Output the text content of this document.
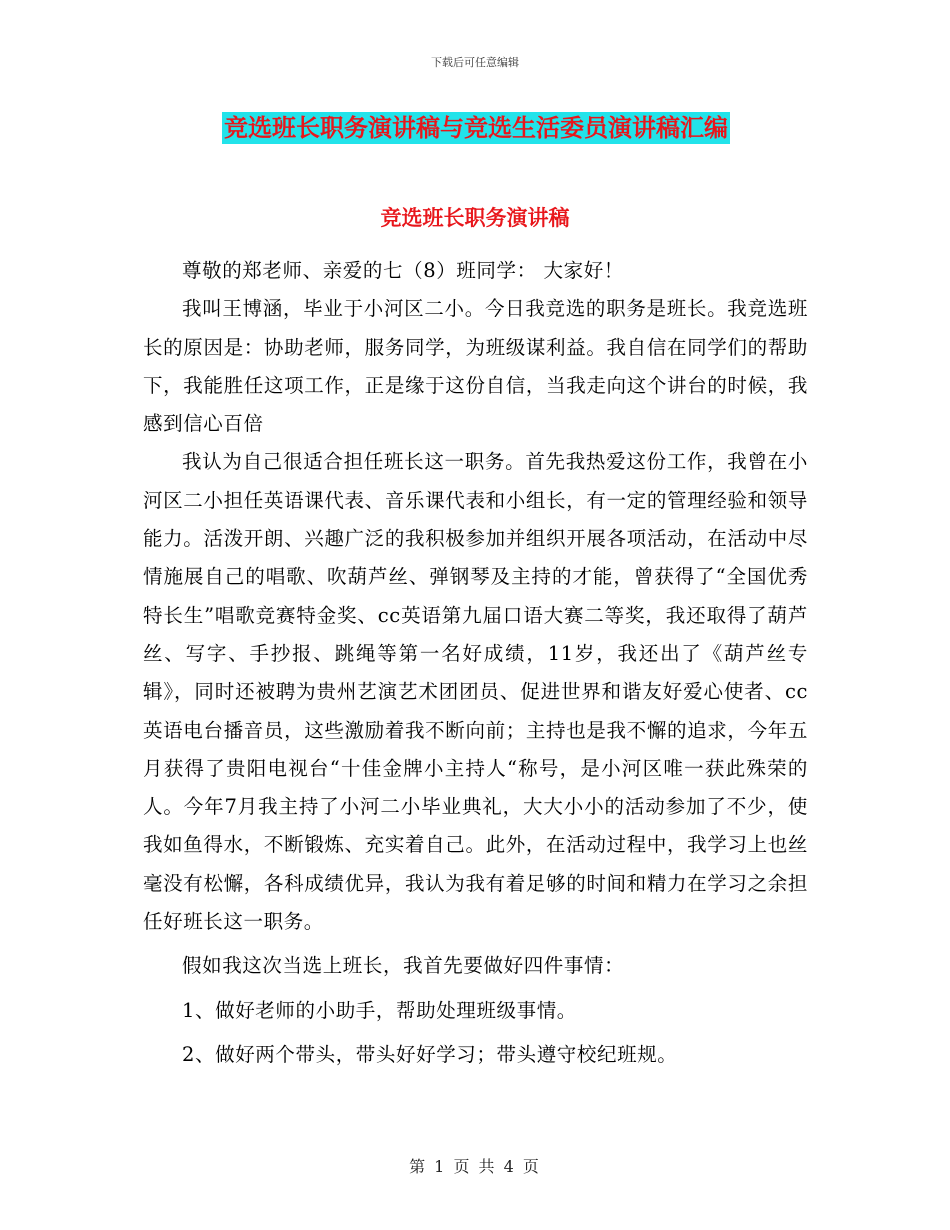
下载后可任意编辑
竞选班长职务演讲稿与竞选生活委员演讲稿汇编
竞选班长职务演讲稿

尊敬的郑老师、亲爱的七（8）班同学： 大家好！

我叫王博涵，毕业于小河区二小。今日我竞选的职务是班长。我竞选班长的原因是：协助老师，服务同学，为班级谋利益。我自信在同学们的帮助下，我能胜任这项工作，正是缘于这份自信，当我走向这个讲台的时候，我感到信心百倍

我认为自己很适合担任班长这一职务。首先我热爱这份工作，我曾在小河区二小担任英语课代表、音乐课代表和小组长，有一定的管理经验和领导能力。活泼开朗、兴趣广泛的我积极参加并组织开展各项活动，在活动中尽情施展自己的唱歌、吹葫芦丝、弹钢琴及主持的才能，曾获得了“全国优秀特长生”唱歌竞赛特金奖、cc英语第九届口语大赛二等奖，我还取得了葫芦丝、写字、手抄报、跳绳等第一名好成绩，11岁，我还出了《葫芦丝专辑》，同时还被聘为贵州艺演艺术团团员、促进世界和谐友好爱心使者、cc英语电台播音员，这些激励着我不断向前；主持也是我不懈的追求，今年五月获得了贵阳电视台“十佳金牌小主持人“称号，是小河区唯一获此殊荣的人。今年7月我主持了小河二小毕业典礼，大大小小的活动参加了不少，使我如鱼得水，不断锻炼、充实着自己。此外，在活动过程中，我学习上也丝毫没有松懈，各科成绩优异，我认为我有着足够的时间和精力在学习之余担任好班长这一职务。

假如我这次当选上班长，我首先要做好四件事情：

1、做好老师的小助手，帮助处理班级事情。

2、做好两个带头，带头好好学习；带头遵守校纪班规。

第 1 页 共 4 页
